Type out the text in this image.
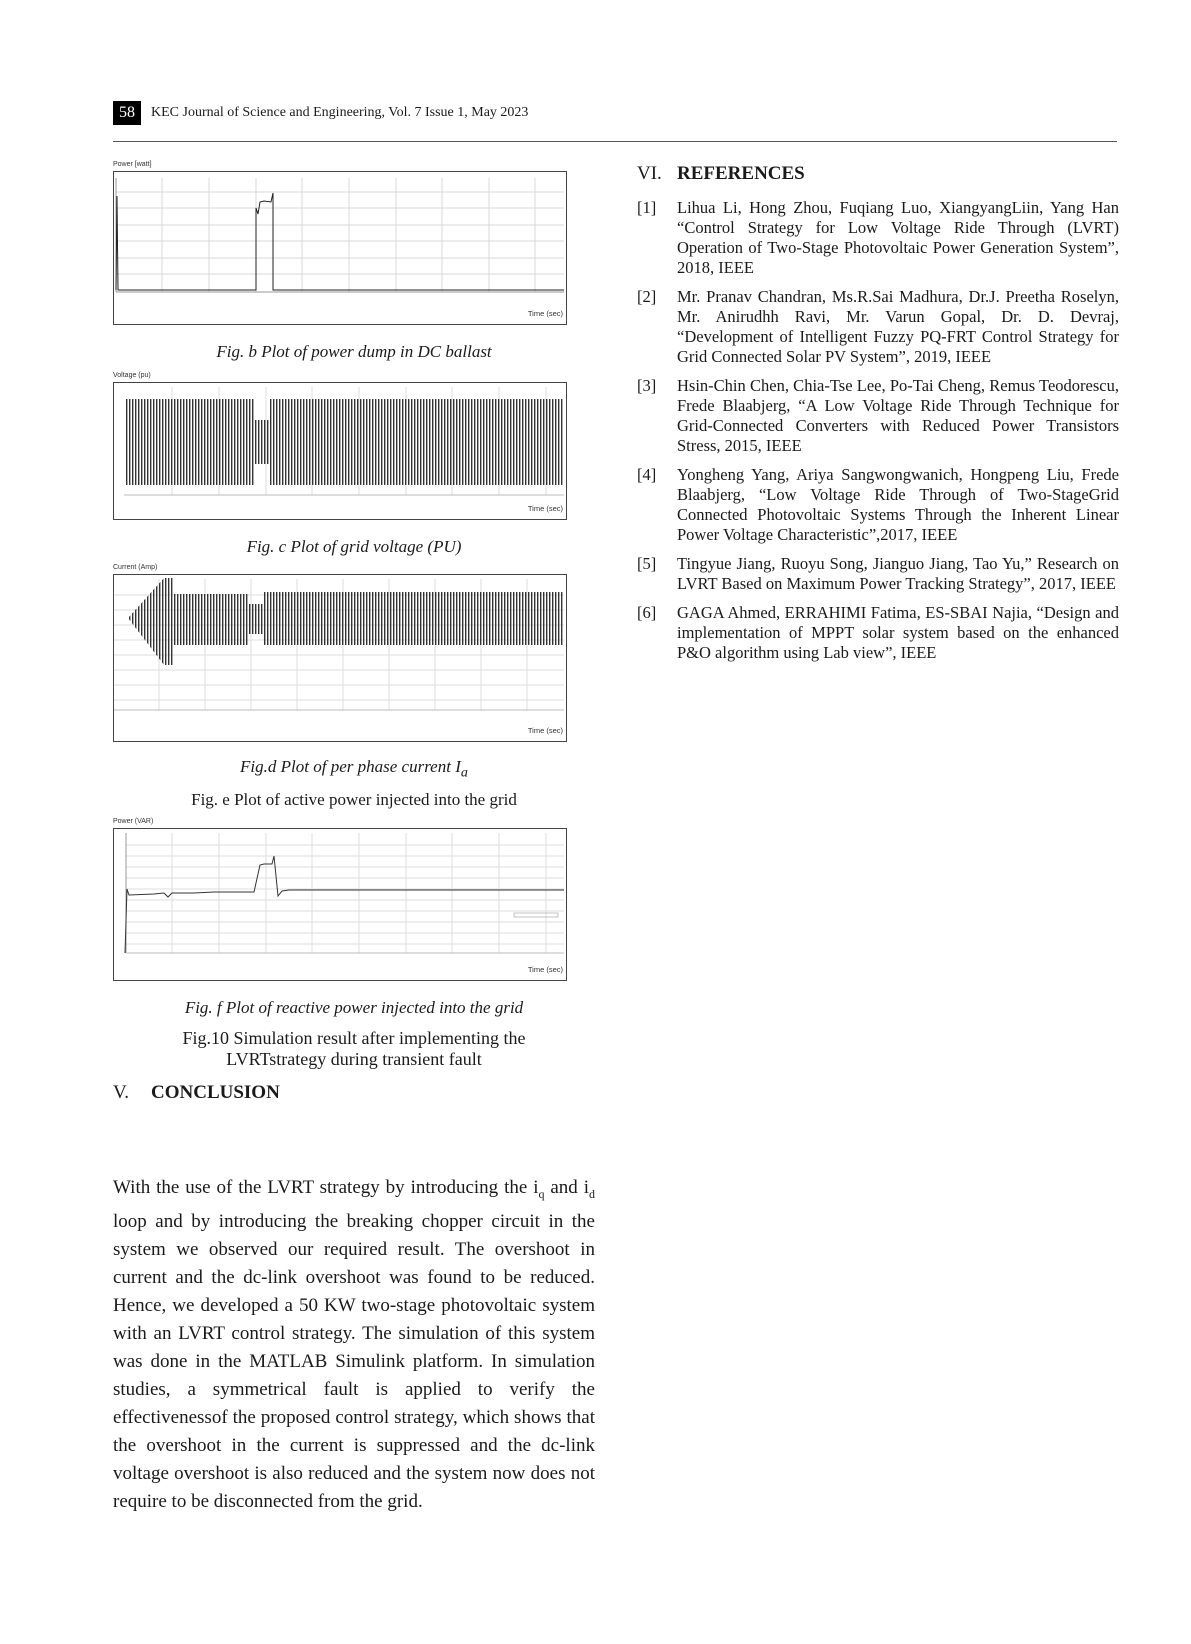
58	KEC Journal of Science and Engineering, Vol. 7 Issue 1, May 2023
Power [watt]
Time (sec)
Fig. b Plot of power dump in DC ballast
Voltage (pu)
Time (sec)
Fig. c Plot of grid voltage (PU)
Current (Amp)
Time (sec)
Fig.d Plot of per phase current $I_a$
Fig. e Plot of active power injected into the grid
Power (VAR)
Time (sec)
Fig. f Plot of reactive power injected into the grid
Fig.10 Simulation result after implementing the
LVRTstrategy during transient fault
V. CONCLUSION
With the use of the LVRT strategy by introducing the $i_q$ and $i_d$ loop and by introducing the breaking chopper circuit in the system we observed our required result. The overshoot in current and the dc-link overshoot was found to be reduced. Hence, we developed a 50 KW two-stage photovoltaic system with an LVRT control strategy. The simulation of this system was done in the MATLAB Simulink platform. In simulation studies, a symmetrical fault is applied to verify the effectivenessof the proposed control strategy, which shows that the overshoot in the current is suppressed and the dc-link voltage overshoot is also reduced and the system now does not require to be disconnected from the grid.
VI. REFERENCES
[1]	Lihua Li, Hong Zhou, Fuqiang Luo, XiangyangLiin, Yang Han “Control Strategy for Low Voltage Ride Through (LVRT) Operation of Two-Stage Photovoltaic Power Generation System”, 2018, IEEE
[2]	Mr. Pranav Chandran, Ms.R.Sai Madhura, Dr.J. Preetha Roselyn, Mr. Anirudhh Ravi, Mr. Varun Gopal, Dr. D. Devraj, “Development of Intelligent Fuzzy PQ-FRT Control Strategy for Grid Connected Solar PV System”, 2019, IEEE
[3]	Hsin-Chin Chen, Chia-Tse Lee, Po-Tai Cheng, Remus Teodorescu, Frede Blaabjerg, “A Low Voltage Ride Through Technique for Grid-Connected Converters with Reduced Power Transistors Stress, 2015, IEEE
[4]	Yongheng Yang, Ariya Sangwongwanich, Hongpeng Liu, Frede Blaabjerg, “Low Voltage Ride Through of Two-StageGrid Connected Photovoltaic Systems Through the Inherent Linear Power Voltage Characteristic”,2017, IEEE
[5]	Tingyue Jiang, Ruoyu Song, Jianguo Jiang, Tao Yu,” Research on LVRT Based on Maximum Power Tracking Strategy”, 2017, IEEE
[6]	GAGA Ahmed, ERRAHIMI Fatima, ES-SBAI Najia, “Design and implementation of MPPT solar system based on the enhanced P&O algorithm using Lab view”, IEEE
